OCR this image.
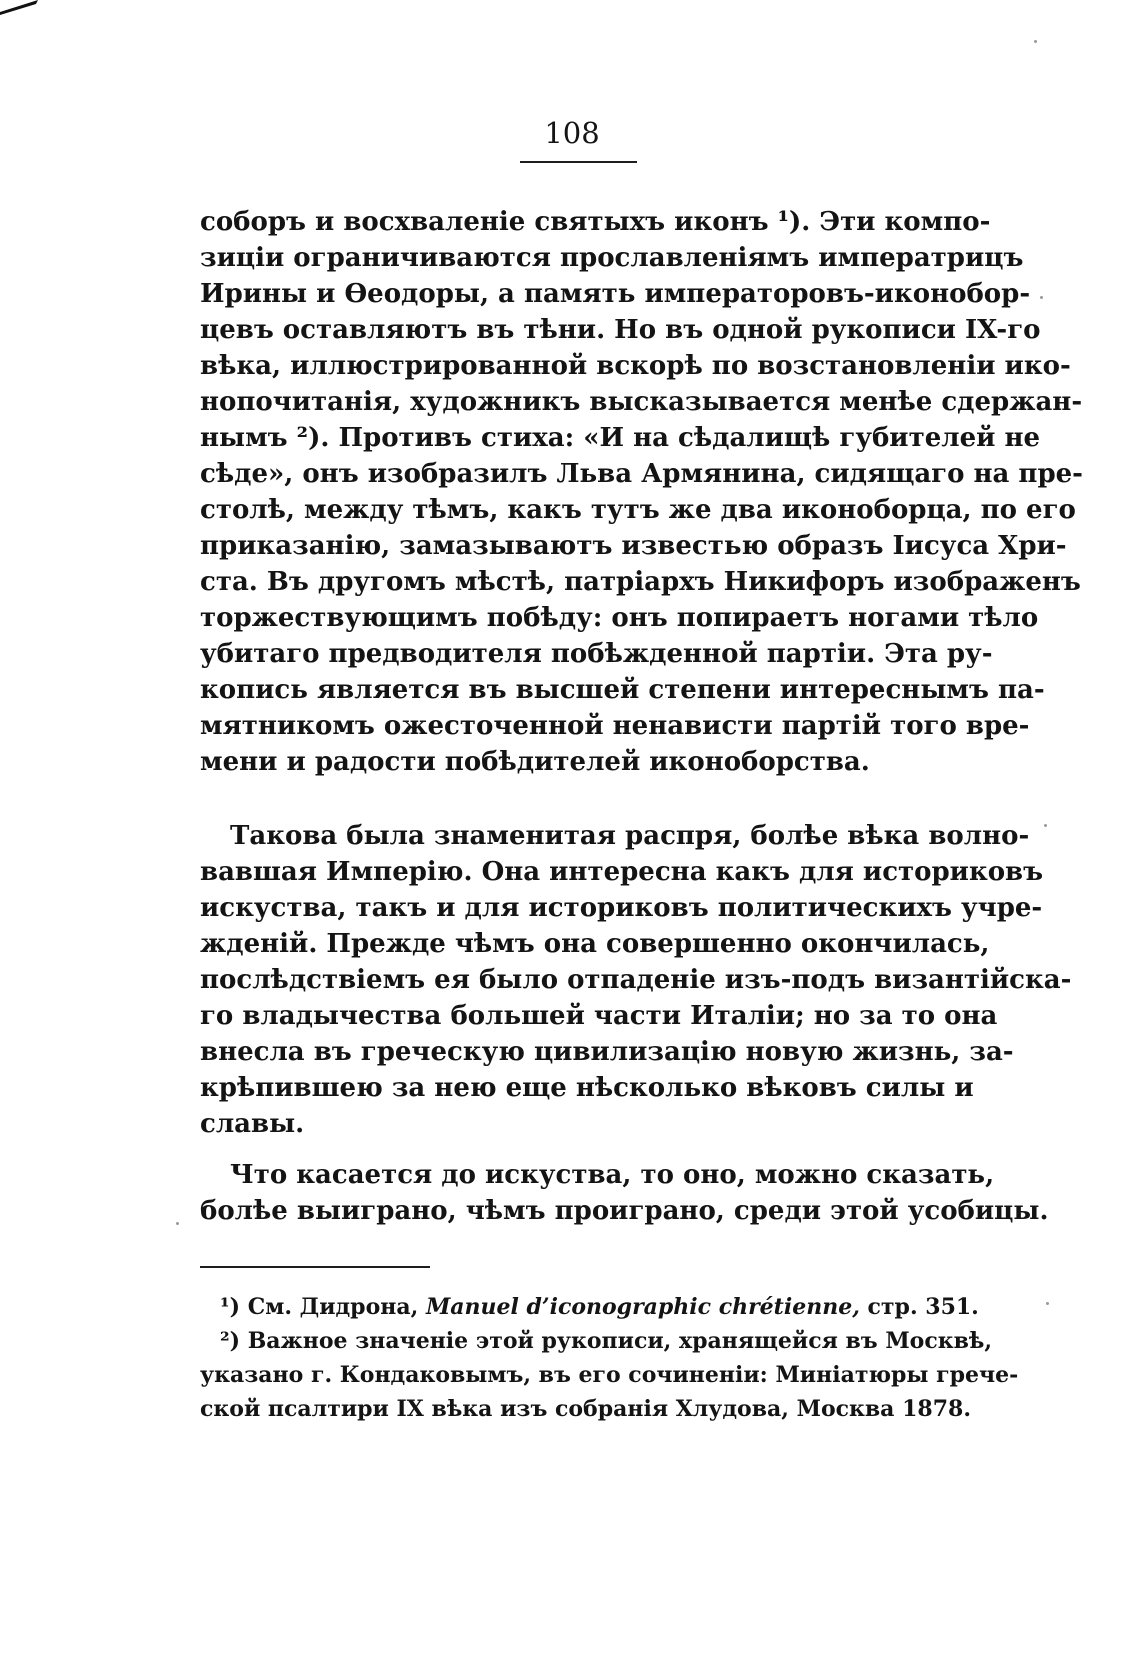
108
соборъ и восхваленіе святыхъ иконъ ¹). Эти компо-
зиціи ограничиваются прославленіямъ императрицъ
Ирины и Ѳеодоры, а память императоровъ-иконобор-
цевъ оставляютъ въ тѣни. Но въ одной рукописи IX-го
вѣка, иллюстрированной вскорѣ по возстановленіи ико-
нопочитанія, художникъ высказывается менѣе сдержан-
нымъ ²). Противъ стиха: «И на сѣдалищѣ губителей не
сѣде», онъ изобразилъ Льва Армянина, сидящаго на пре-
столѣ, между тѣмъ, какъ тутъ же два иконоборца, по его
приказанію, замазываютъ известью образъ Іисуса Хри-
ста. Въ другомъ мѣстѣ, патріархъ Никифоръ изображенъ
торжествующимъ побѣду: онъ попираетъ ногами тѣло
убитаго предводителя побѣжденной партіи. Эта ру-
копись является въ высшей степени интереснымъ па-
мятникомъ ожесточенной ненависти партій того вре-
мени и радости побѣдителей иконоборства.
Такова была знаменитая распря, болѣе вѣка волно-
вавшая Имперію. Она интересна какъ для историковъ
искуства, такъ и для историковъ политическихъ учре-
жденій. Прежде чѣмъ она совершенно окончилась,
послѣдствіемъ ея было отпаденіе изъ-подъ византійска-
го владычества большей части Италіи; но за то она
внесла въ греческую цивилизацію новую жизнь, за-
крѣпившею за нею еще нѣсколько вѣковъ силы и
славы.
Что касается до искуства, то оно, можно сказать,
болѣе выиграно, чѣмъ проиграно, среди этой усобицы.
¹) См. Дидрона, Manuel d’iconographic chrétienne, стр. 351.
²) Важное значеніе этой рукописи, хранящейся въ Москвѣ,
указано г. Кондаковымъ, въ его сочиненіи: Миніатюры грече-
ской псалтири IX вѣка изъ собранія Хлудова, Москва 1878.
